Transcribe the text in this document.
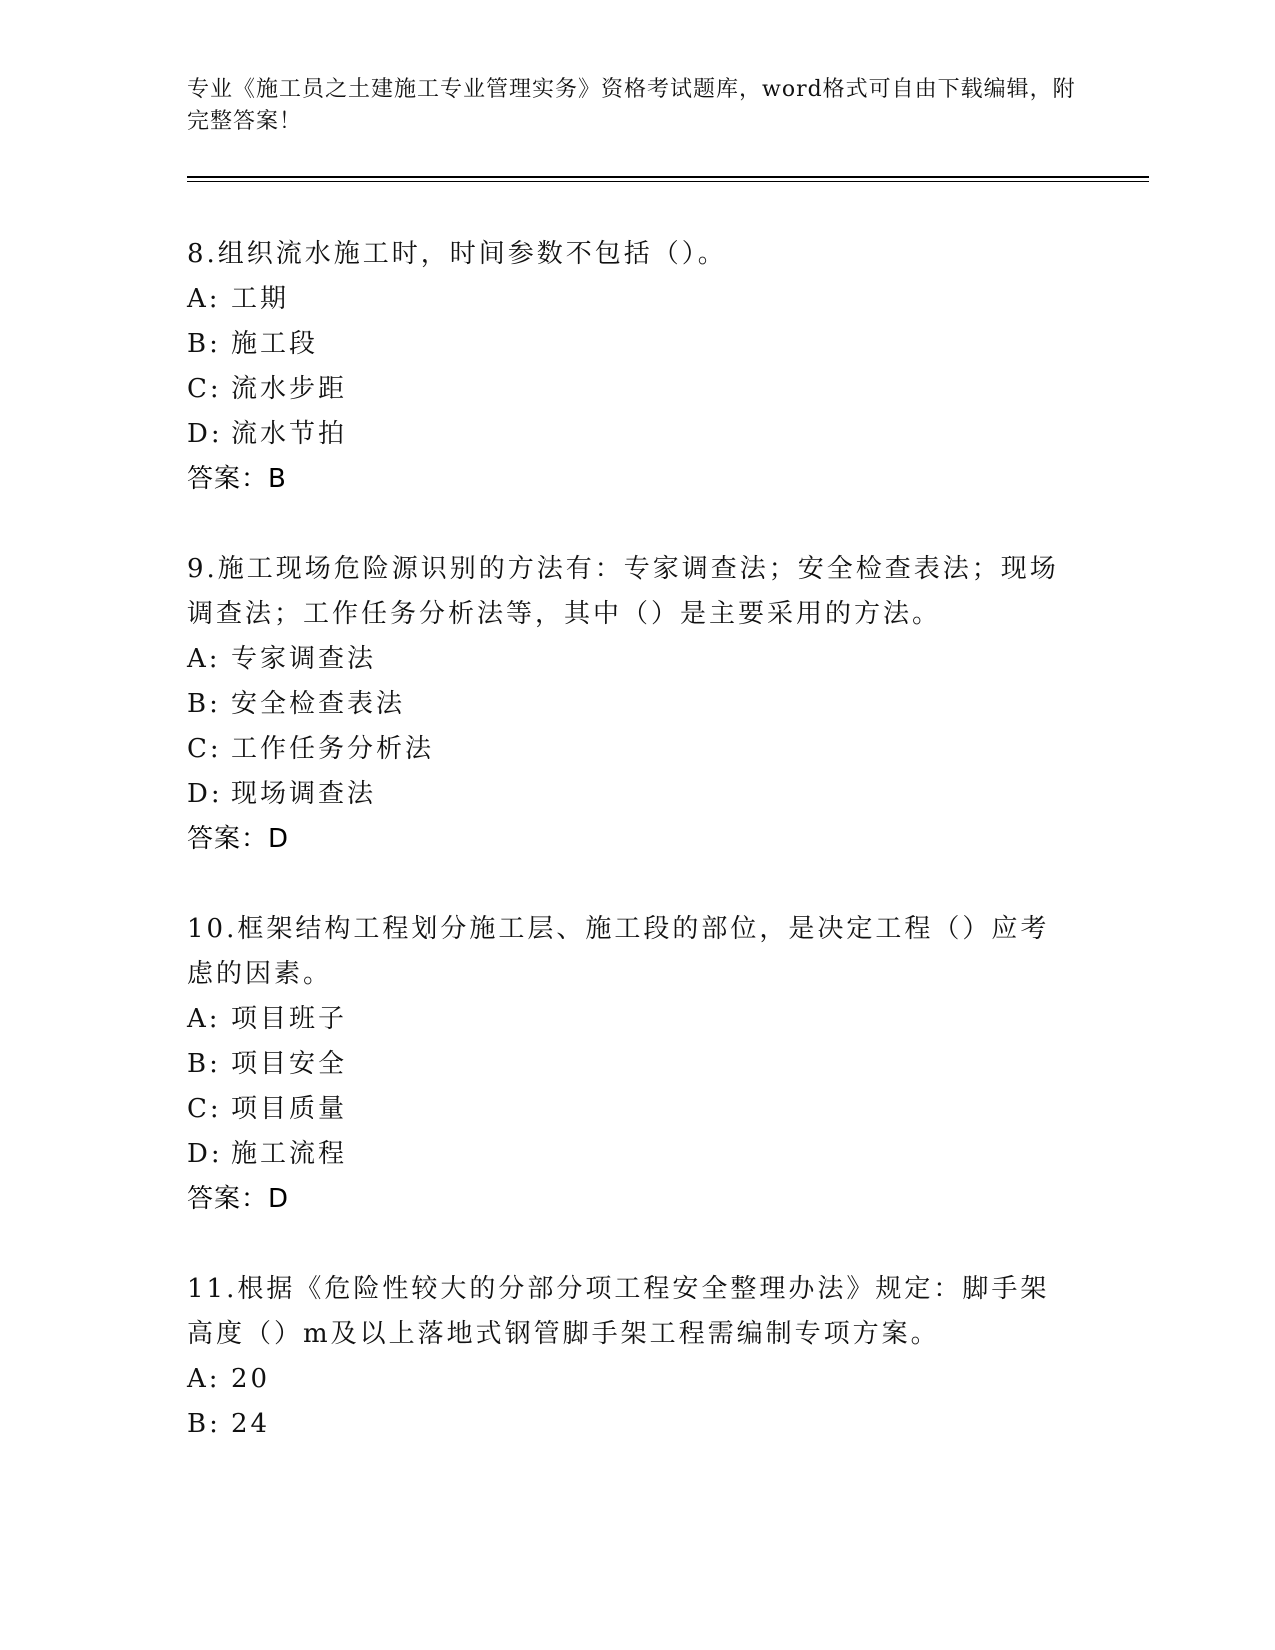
专业《施工员之土建施工专业管理实务》资格考试题库，word格式可自由下载编辑，附完整答案！
8.组织流水施工时，时间参数不包括（）。
A: 工期
B: 施工段
C: 流水步距
D: 流水节拍
答案：B
9.施工现场危险源识别的方法有：专家调查法；安全检查表法；现场调查法；工作任务分析法等，其中（）是主要采用的方法。
A: 专家调查法
B: 安全检查表法
C: 工作任务分析法
D: 现场调查法
答案：D
10.框架结构工程划分施工层、施工段的部位，是决定工程（）应考虑的因素。
A: 项目班子
B: 项目安全
C: 项目质量
D: 施工流程
答案：D
11.根据《危险性较大的分部分项工程安全整理办法》规定：脚手架高度（）m及以上落地式钢管脚手架工程需编制专项方案。
A: 20
B: 24
